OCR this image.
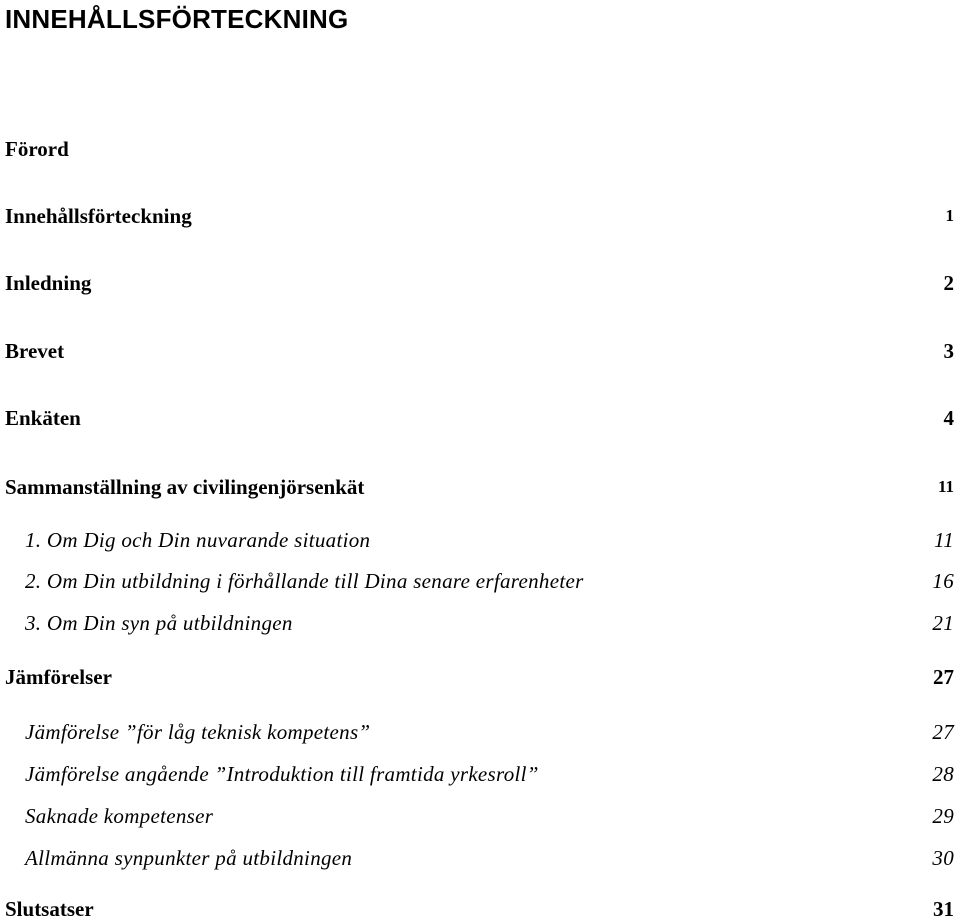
INNEHÅLLSFÖRTECKNING
Förord
Innehållsförteckning	1
Inledning	2
Brevet	3
Enkäten	4
Sammanställning av civilingenjörsenkät	11
1. Om Dig och Din nuvarande situation	11
2. Om Din utbildning i förhållande till Dina senare erfarenheter	16
3. Om Din syn på utbildningen	21
Jämförelser	27
Jämförelse ”för låg teknisk kompetens”	27
Jämförelse angående ”Introduktion till framtida yrkesroll”	28
Saknade kompetenser	29
Allmänna synpunkter på utbildningen	30
Slutsatser	31
